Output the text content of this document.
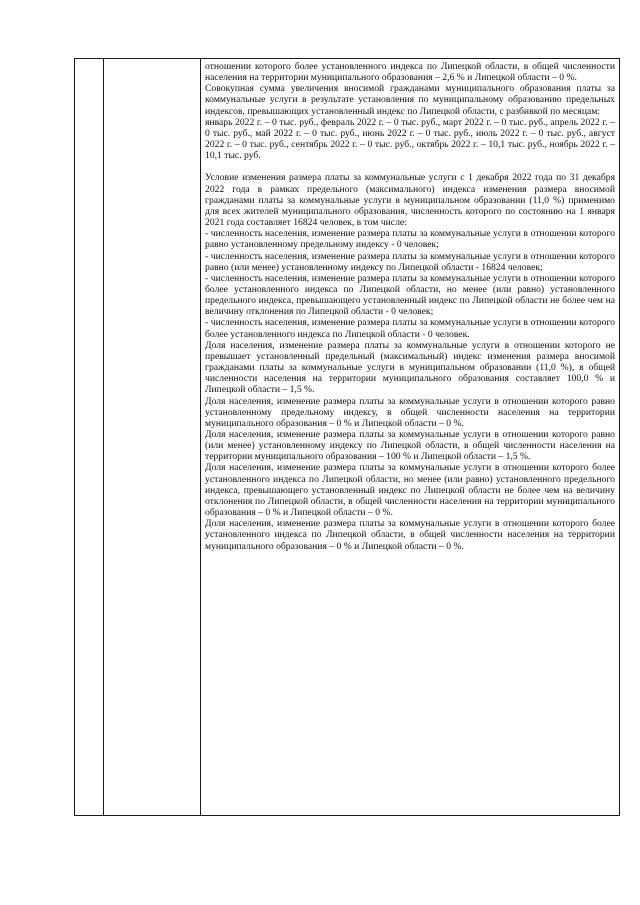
отношении которого более установленного индекса по Липецкой области, в общей численности населения на территории муниципального образования – 2,6 % и Липецкой области – 0 %.

Совокупная сумма увеличения вносимой гражданами муниципального образования платы за коммунальные услуги в результате установления по муниципальному образованию предельных индексов, превышающих установленный индекс по Липецкой области, с разбивкой по месяцам:

январь 2022 г. – 0 тыс. руб., февраль 2022 г. – 0 тыс. руб., март 2022 г. – 0 тыс. руб., апрель 2022 г. – 0 тыс. руб., май 2022 г. – 0 тыс. руб., июнь 2022 г. – 0 тыс. руб., июль 2022 г. – 0 тыс. руб., август 2022 г. – 0 тыс. руб., сентябрь 2022 г. – 0 тыс. руб., октябрь 2022 г. – 10,1 тыс. руб., ноябрь 2022 г. – 10,1 тыс. руб.

Условие изменения размера платы за коммунальные услуги с 1 декабря 2022 года по 31 декабря 2022 года в рамках предельного (максимального) индекса изменения размера вносимой гражданами платы за коммунальные услуги в муниципальном образовании (11,0 %) применимо для всех жителей муниципального образования, численность которого по состоянию на 1 января 2021 года составляет 16824 человек, в том числе:

- численность населения, изменение размера платы за коммунальные услуги в отношении которого равно установленному предельному индексу - 0 человек;

- численность населения, изменение размера платы за коммунальные услуги в отношении которого равно (или менее) установленному индексу по Липецкой области - 16824 человек;

- численность населения, изменение размера платы за коммунальные услуги в отношении которого более установленного индекса по Липецкой области, но менее (или равно) установленного предельного индекса, превышающего установленный индекс по Липецкой области не более чем на величину отклонения по Липецкой области - 0 человек;

- численность населения, изменение размера платы за коммунальные услуги в отношении которого более установленного индекса по Липецкой области - 0 человек.

Доля населения, изменение размера платы за коммунальные услуги в отношении которого не превышает установленный предельный (максимальный) индекс изменения размера вносимой гражданами платы за коммунальные услуги в муниципальном образовании (11,0 %), в общей численности населения на территории муниципального образования составляет 100,0 % и Липецкой области – 1,5 %.

Доля населения, изменение размера платы за коммунальные услуги в отношении которого равно установленному предельному индексу, в общей численности населения на территории муниципального образования – 0 % и Липецкой области – 0 %.

Доля населения, изменение размера платы за коммунальные услуги в отношении которого равно (или менее) установленному индексу по Липецкой области, в общей численности населения на территории муниципального образования – 100 % и Липецкой области – 1,5 %.

Доля населения, изменение размера платы за коммунальные услуги в отношении которого более установленного индекса по Липецкой области, но менее (или равно) установленного предельного индекса, превышающего установленный индекс по Липецкой области не более чем на величину отклонения по Липецкой области, в общей численности населения на территории муниципального образования – 0 % и Липецкой области – 0 %.

Доля населения, изменение размера платы за коммунальные услуги в отношении которого более установленного индекса по Липецкой области, в общей численности населения на территории муниципального образования – 0 % и Липецкой области – 0 %.
